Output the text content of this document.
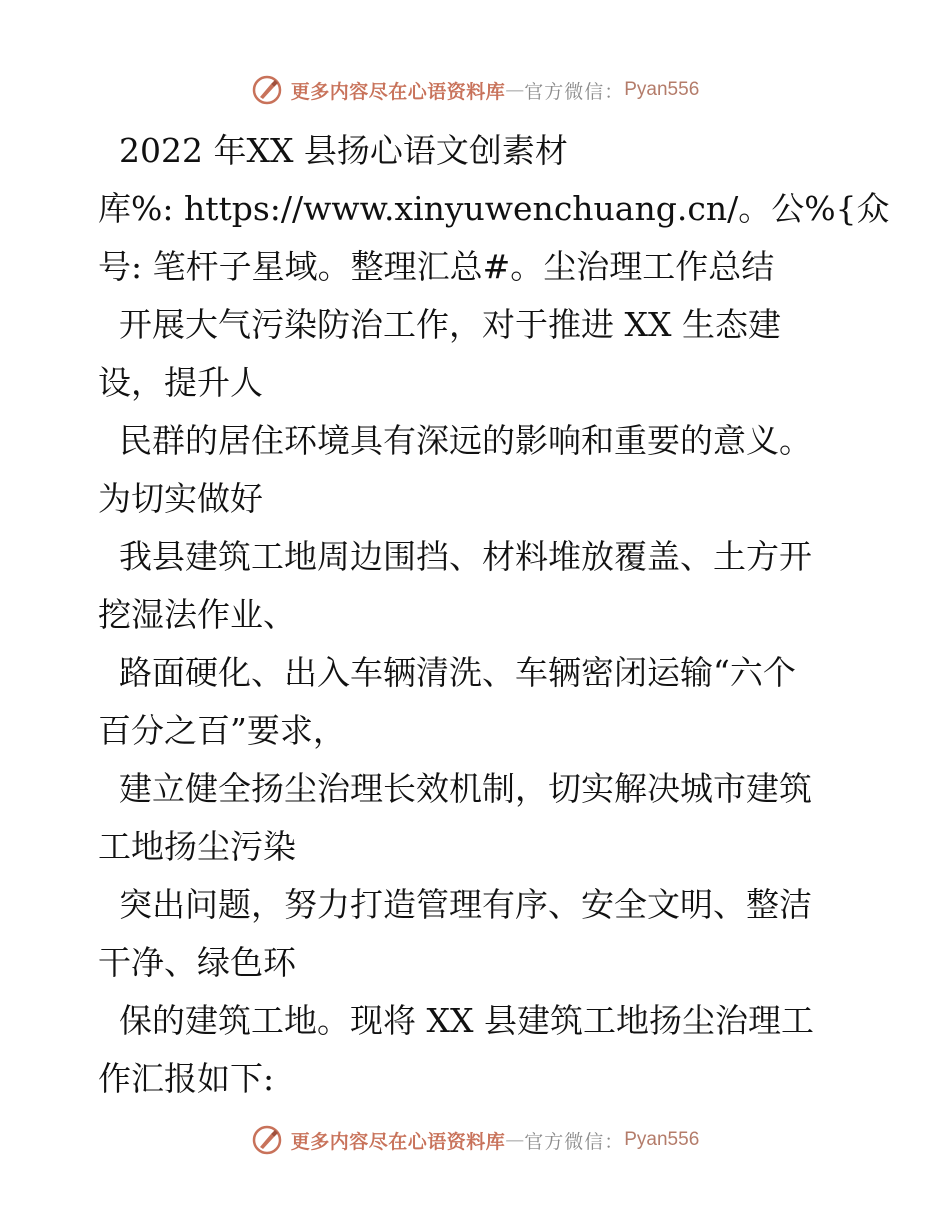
更多内容尽在心语资料库 — 官方微信： Pyan556
2022 年XX 县扬心语文创素材
库%: https://www.xinyuwenchuang.cn/。公%{众
号: 笔杆子星域。整理汇总#。尘治理工作总结
开展大气污染防治工作，对于推进 XX 生态建
设，提升人
民群的居住环境具有深远的影响和重要的意义。
为切实做好
我县建筑工地周边围挡、材料堆放覆盖、土方开
挖湿法作业、
路面硬化、出入车辆清洗、车辆密闭运输“六个
百分之百”要求，
建立健全扬尘治理长效机制，切实解决城市建筑
工地扬尘污染
突出问题，努力打造管理有序、安全文明、整洁
干净、绿色环
保的建筑工地。现将 XX 县建筑工地扬尘治理工
作汇报如下:
更多内容尽在心语资料库 — 官方微信： Pyan556
